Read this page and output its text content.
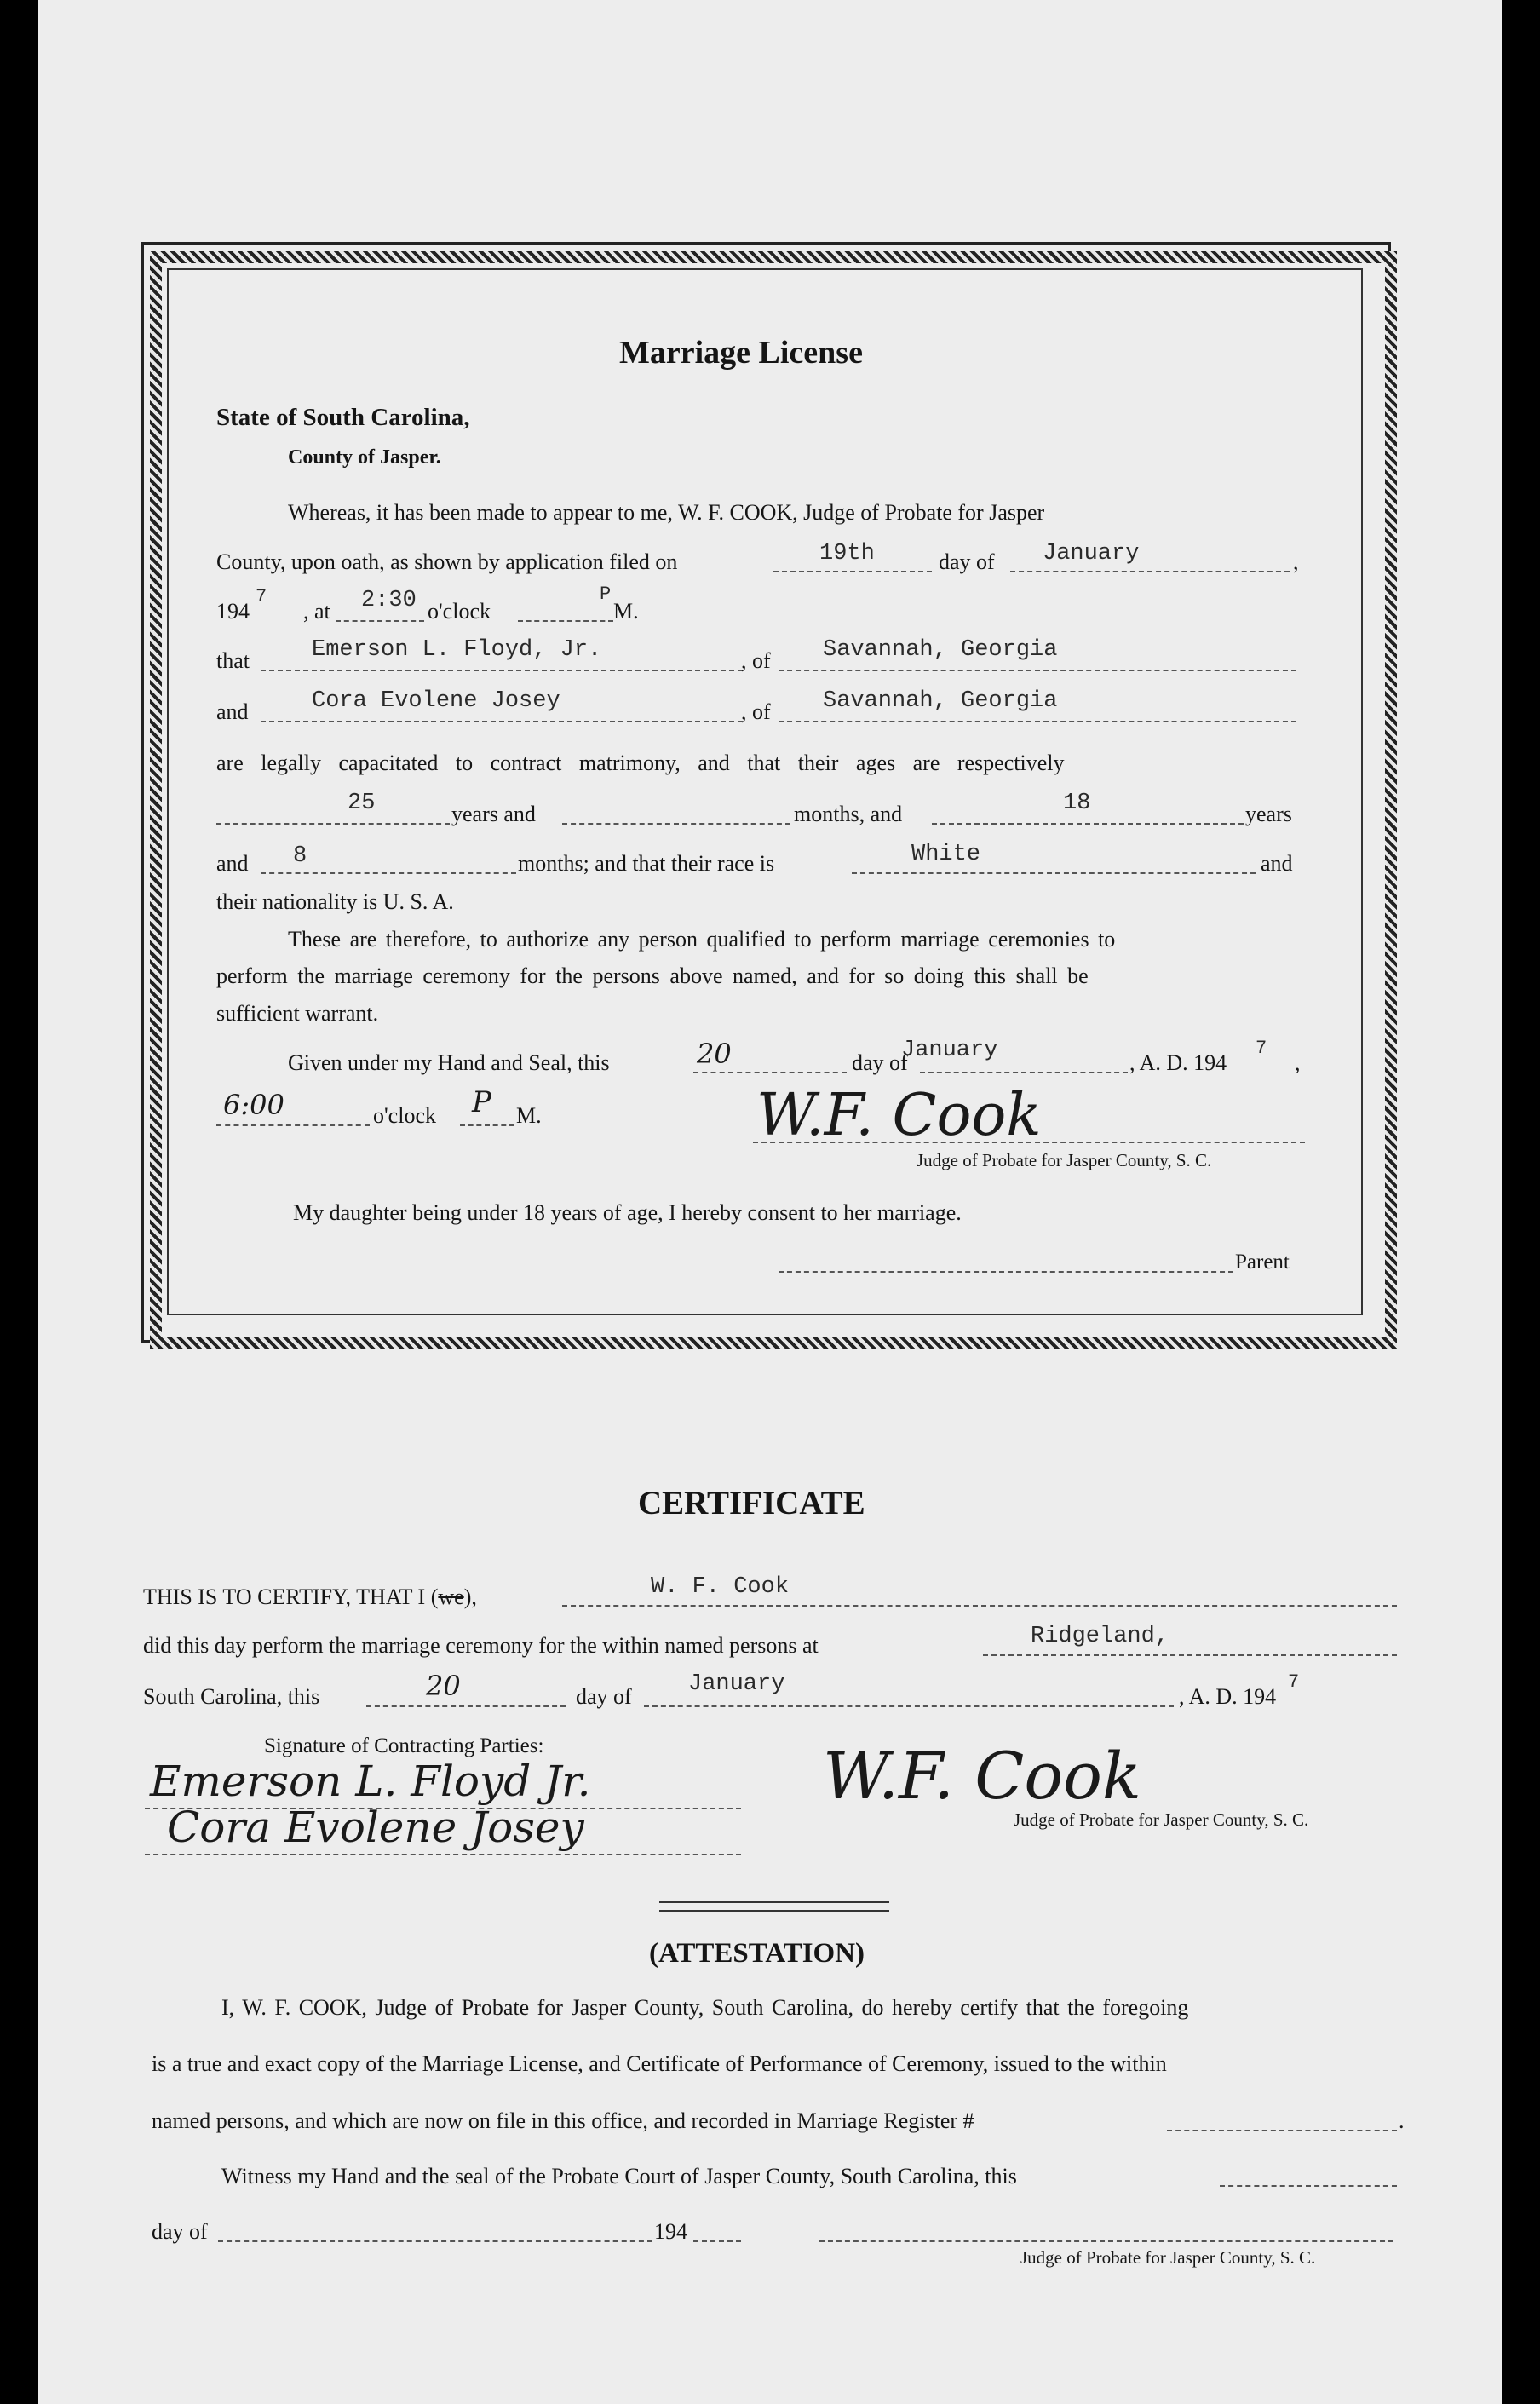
Marriage License
State of South Carolina,
County of Jasper.
Whereas, it has been made to appear to me, W. F. COOK, Judge of Probate for Jasper
County, upon oath, as shown by application filed on	19th	day of January	,
194
7
, at 2:30 o'clock
P
M.
that	Emerson L. Floyd, Jr.	, of Savannah, Georgia
and	Cora Evolene Josey	, of Savannah, Georgia
are legally capacitated to contract matrimony, and that their ages are respectively
25	years and	months, and	18	years
and 8	months; and that their race is	White	and
their nationality is U. S. A.
These are therefore, to authorize any person qualified to perform marriage ceremonies to
perform the marriage ceremony for the persons above named, and for so doing this shall be
sufficient warrant.
Given under my Hand and Seal, this	20	day of
January	, A. D. 194
7
,
6:00	o'clock P M.	W.F. Cook
Judge of Probate for Jasper County, S. C.
My daughter being under 18 years of age, I hereby consent to her marriage.
Parent
CERTIFICATE
THIS IS TO CERTIFY, THAT I (we),	W. F. Cook
did this day perform the marriage ceremony for the within named persons at	Ridgeland,
South Carolina, this	20	day of January	, A. D. 194
7
Signature of Contracting Parties:
Emerson L. Floyd Jr.
Cora Evolene Josey
W.F. Cook
Judge of Probate for Jasper County, S. C.
(ATTESTATION)
I, W. F. COOK, Judge of Probate for Jasper County, South Carolina, do hereby certify that the foregoing
is a true and exact copy of the Marriage License, and Certificate of Performance of Ceremony, issued to the within
named persons, and which are now on file in this office, and recorded in Marriage Register #	.
Witness my Hand and the seal of the Probate Court of Jasper County, South Carolina, this
day of	194
Judge of Probate for Jasper County, S. C.
